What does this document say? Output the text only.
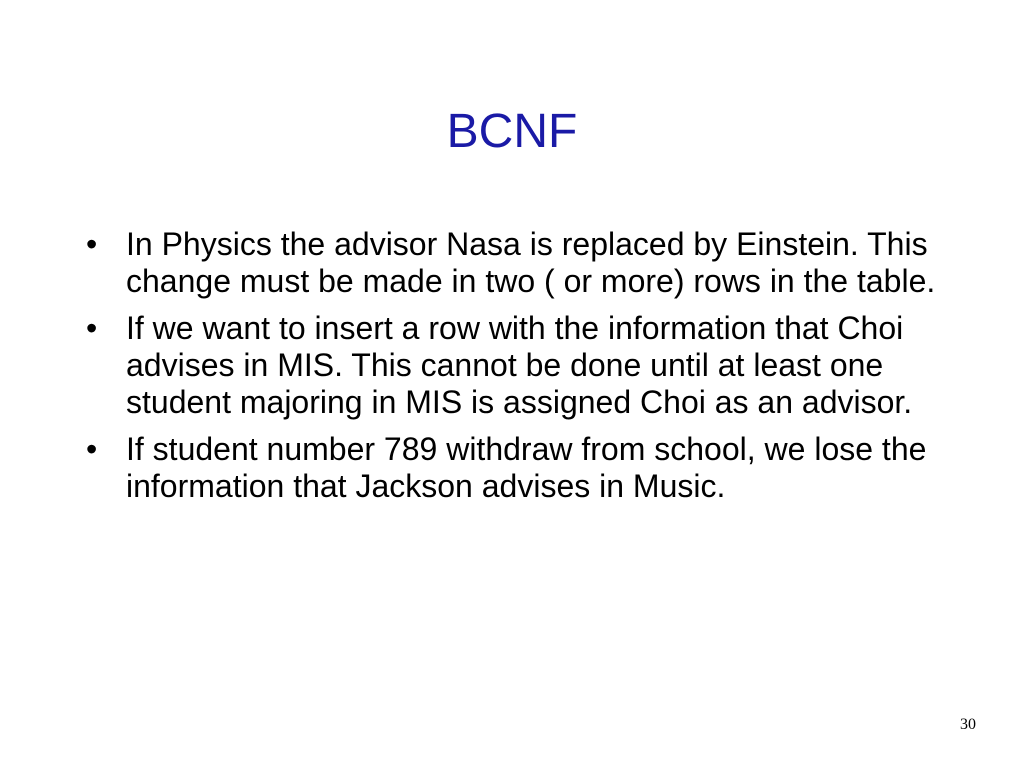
BCNF
• In Physics the advisor Nasa is replaced by Einstein. This change must be made in two ( or more) rows in the table.
• If we want to insert a row with the information that Choi advises in MIS. This cannot be done until at least one student majoring in MIS is assigned Choi as an advisor.
• If student number 789 withdraw from school, we lose the information that Jackson advises in Music.
30
